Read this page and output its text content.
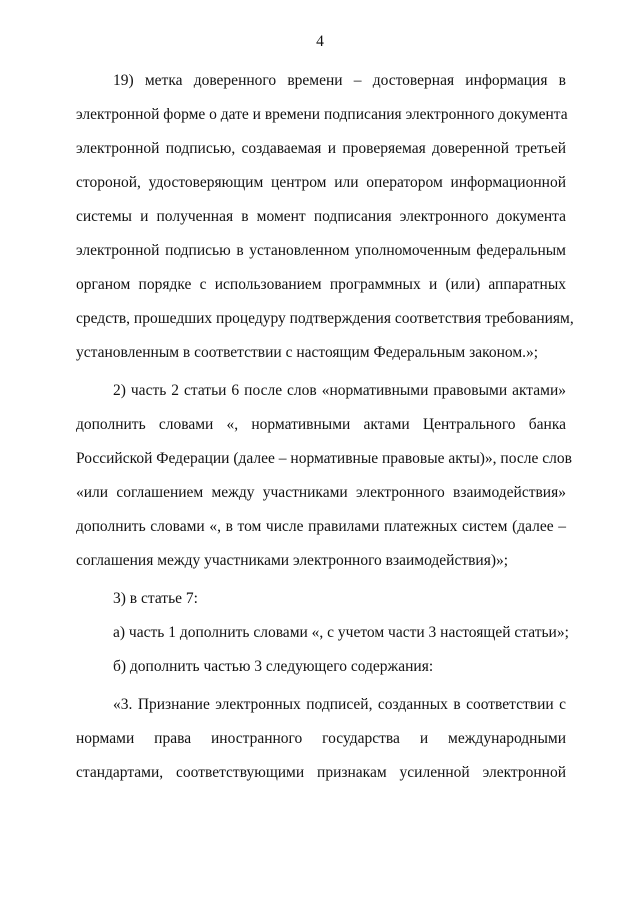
4
19) метка доверенного времени – достоверная информация в
электронной форме о дате и времени подписания электронного документа
электронной подписью, создаваемая и проверяемая доверенной третьей
стороной, удостоверяющим центром или оператором информационной
системы и полученная в момент подписания электронного документа
электронной подписью в установленном уполномоченным федеральным
органом порядке с использованием программных и (или) аппаратных
средств, прошедших процедуру подтверждения соответствия требованиям,
установленным в соответствии с настоящим Федеральным законом.»;
2) часть 2 статьи 6 после слов «нормативными правовыми актами»
дополнить словами «, нормативными актами Центрального банка
Российской Федерации (далее – нормативные правовые акты)», после слов
«или соглашением между участниками электронного взаимодействия»
дополнить словами «, в том числе правилами платежных систем (далее –
соглашения между участниками электронного взаимодействия)»;
3) в статье 7:
а) часть 1 дополнить словами «, с учетом части 3 настоящей статьи»;
б) дополнить частью 3 следующего содержания:
«3. Признание электронных подписей, созданных в соответствии с
нормами права иностранного государства и международными
стандартами, соответствующими признакам усиленной электронной
